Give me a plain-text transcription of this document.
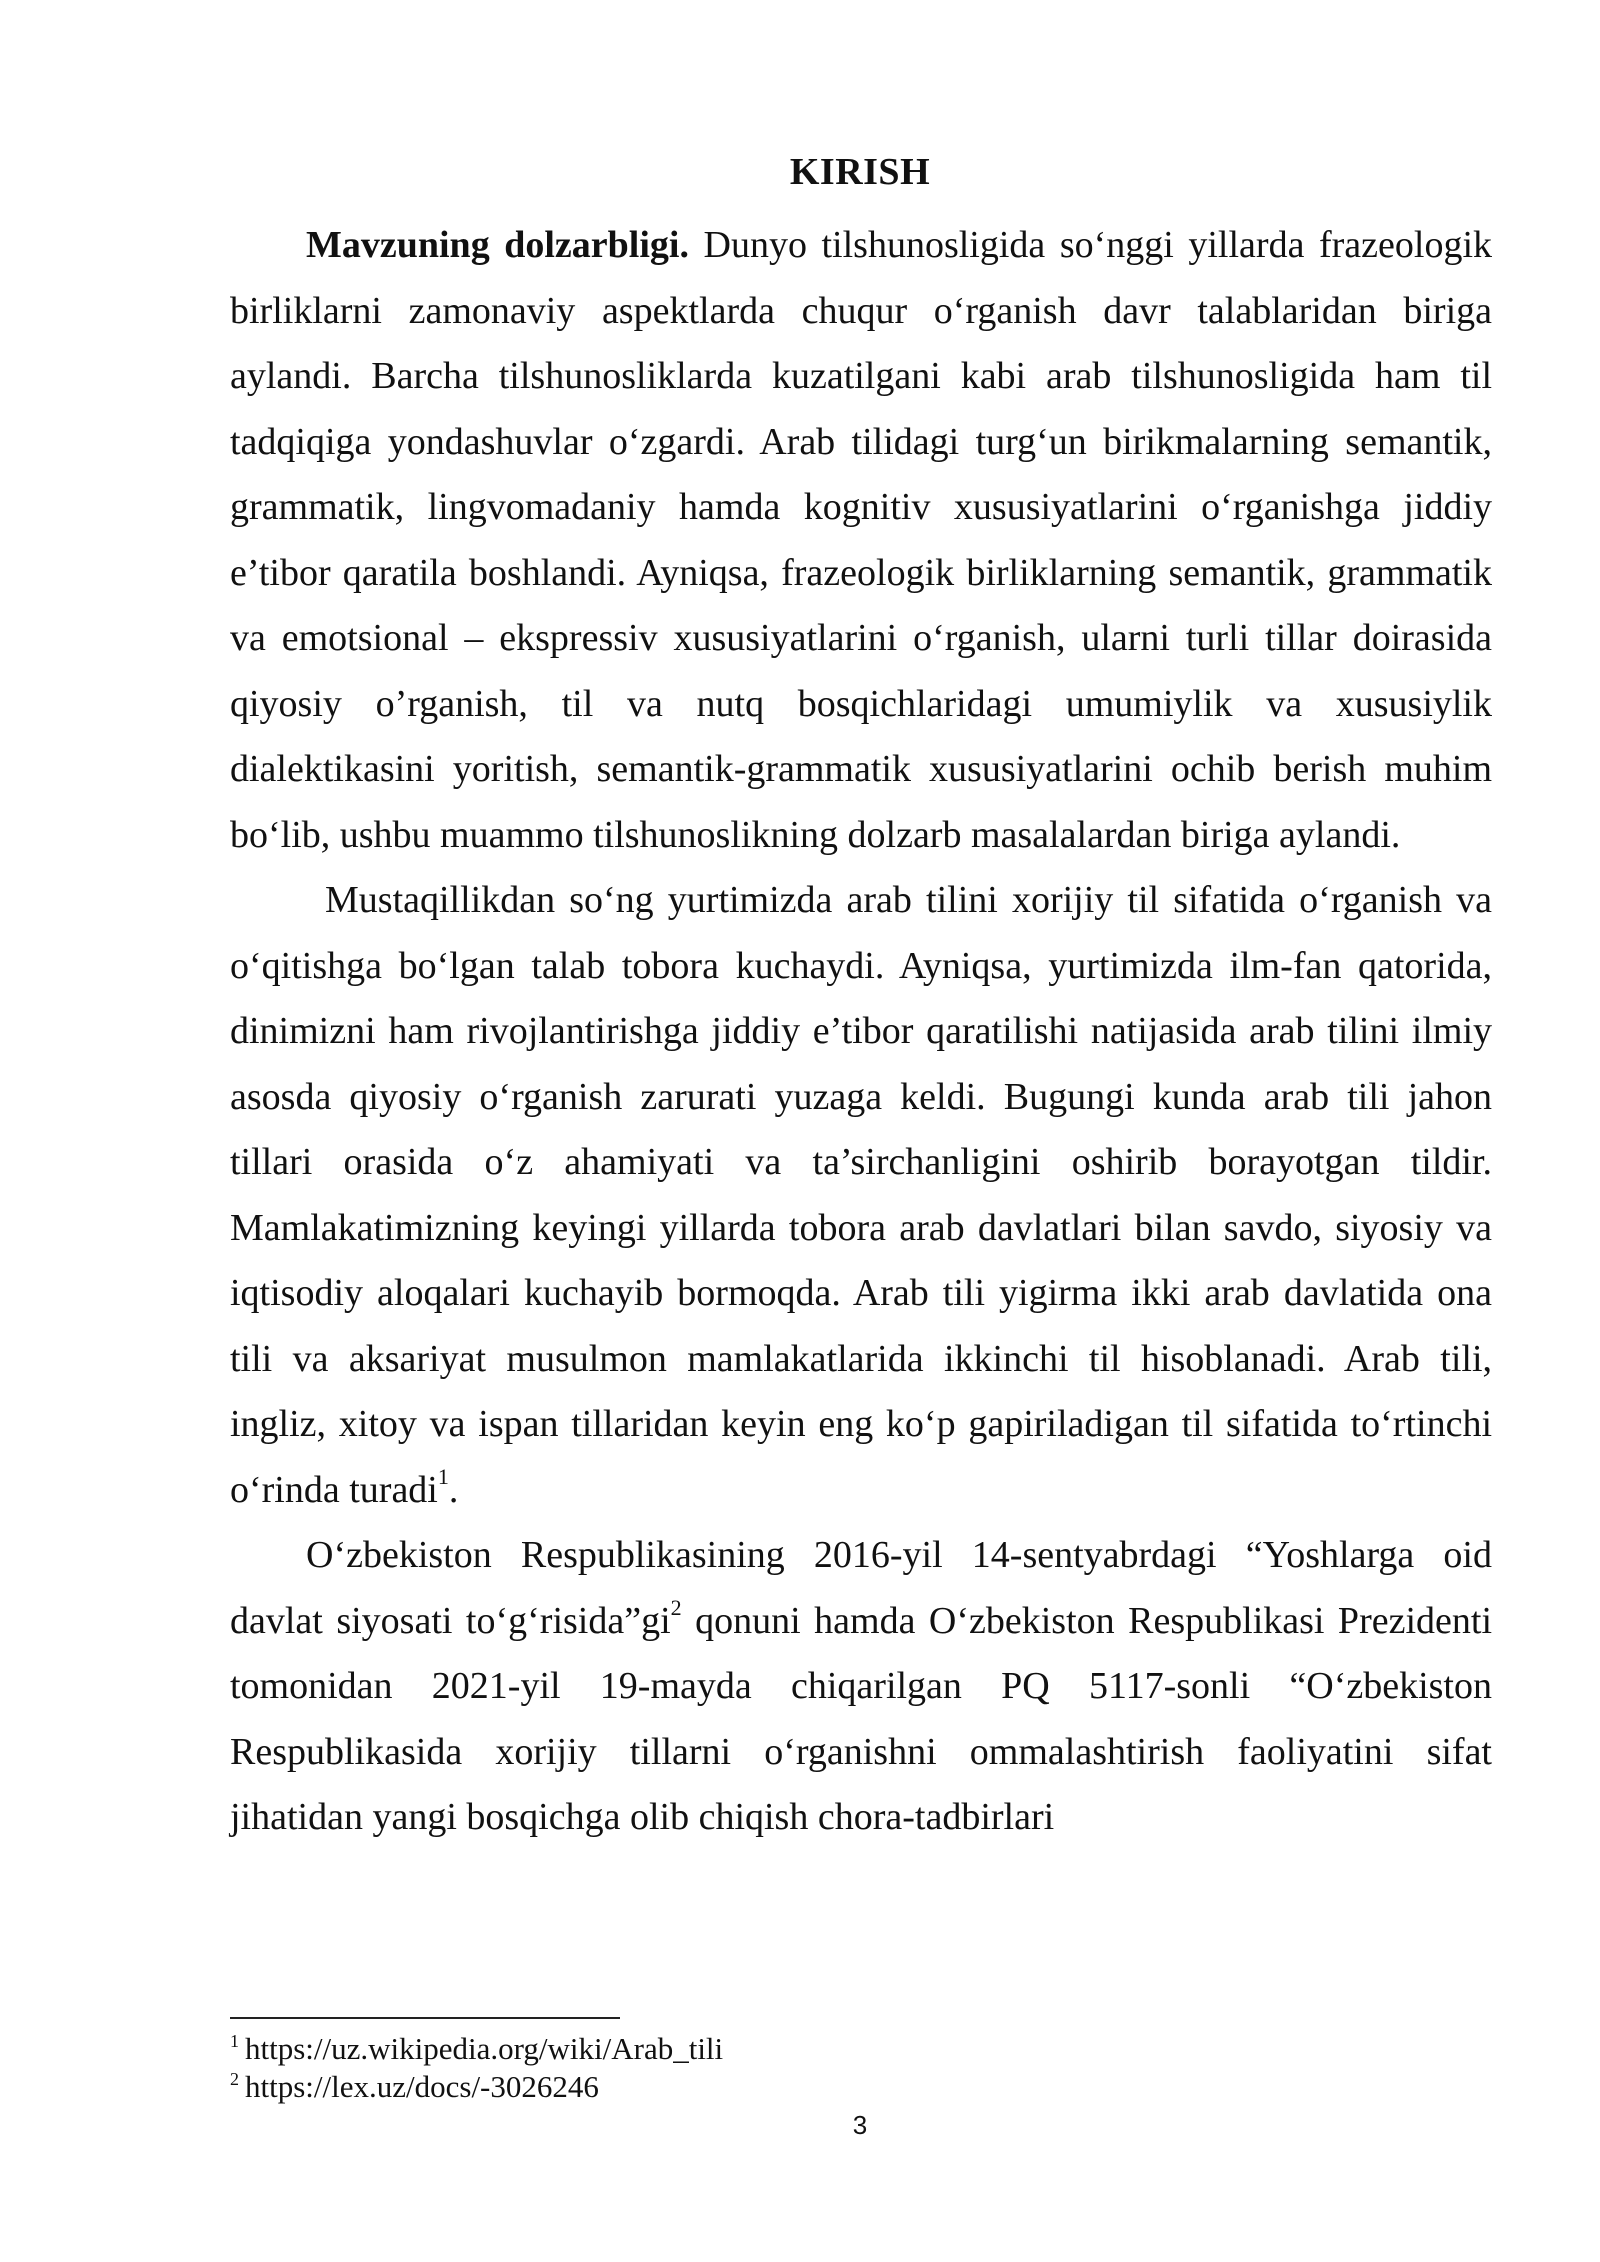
KIRISH

Mavzuning dolzarbligi. Dunyo tilshunosligida so‘nggi yillarda frazeologik birliklarni zamonaviy aspektlarda chuqur o‘rganish davr talablaridan biriga aylandi. Barcha tilshunosliklarda kuzatilgani kabi arab tilshunosligida ham til tadqiqiga yondashuvlar o‘zgardi. Arab tilidagi turg‘un birikmalarning semantik, grammatik, lingvomadaniy hamda kognitiv xususiyatlarini o‘rganishga jiddiy e’tibor qaratila boshlandi. Ayniqsa, frazeologik birliklarning semantik, grammatik va emotsional – ekspressiv xususiyatlarini o‘rganish, ularni turli tillar doirasida qiyosiy o’rganish, til va nutq bosqichlaridagi umumiylik va xususiylik dialektikasini yoritish, semantik-grammatik xususiyatlarini ochib berish muhim bo‘lib, ushbu muammo tilshunoslikning dolzarb masalalardan biriga aylandi.

Mustaqillikdan so‘ng yurtimizda arab tilini xorijiy til sifatida o‘rganish va o‘qitishga bo‘lgan talab tobora kuchaydi. Ayniqsa, yurtimizda ilm-fan qatorida, dinimizni ham rivojlantirishga jiddiy e’tibor qaratilishi natijasida arab tilini ilmiy asosda qiyosiy o‘rganish zarurati yuzaga keldi. Bugungi kunda arab tili jahon tillari orasida o‘z ahamiyati va ta’sirchanligini oshirib borayotgan tildir. Mamlakatimizning keyingi yillarda tobora arab davlatlari bilan savdo, siyosiy va iqtisodiy aloqalari kuchayib bormoqda. Arab tili yigirma ikki arab davlatida ona tili va aksariyat musulmon mamlakatlarida ikkinchi til hisoblanadi. Arab tili, ingliz, xitoy va ispan tillaridan keyin eng ko‘p gapiriladigan til sifatida to‘rtinchi o‘rinda turadi$^1$.

O‘zbekiston Respublikasining 2016-yil 14-sentyabrdagi “Yoshlarga oid davlat siyosati $to‘g‘risida”gi^2$ qonuni hamda O‘zbekiston Respublikasi Prezidenti tomonidan 2021-yil 19-mayda chiqarilgan PQ 5117-sonli “O‘zbekiston Respublikasida xorijiy tillarni o‘rganishni ommalashtirish faoliyatini sifat jihatidan yangi bosqichga olib chiqish chora-tadbirlari

$^1$ https://uz.wikipedia.org/wiki/Arab_tili
$^2$ https://lex.uz/docs/-3026246
3
